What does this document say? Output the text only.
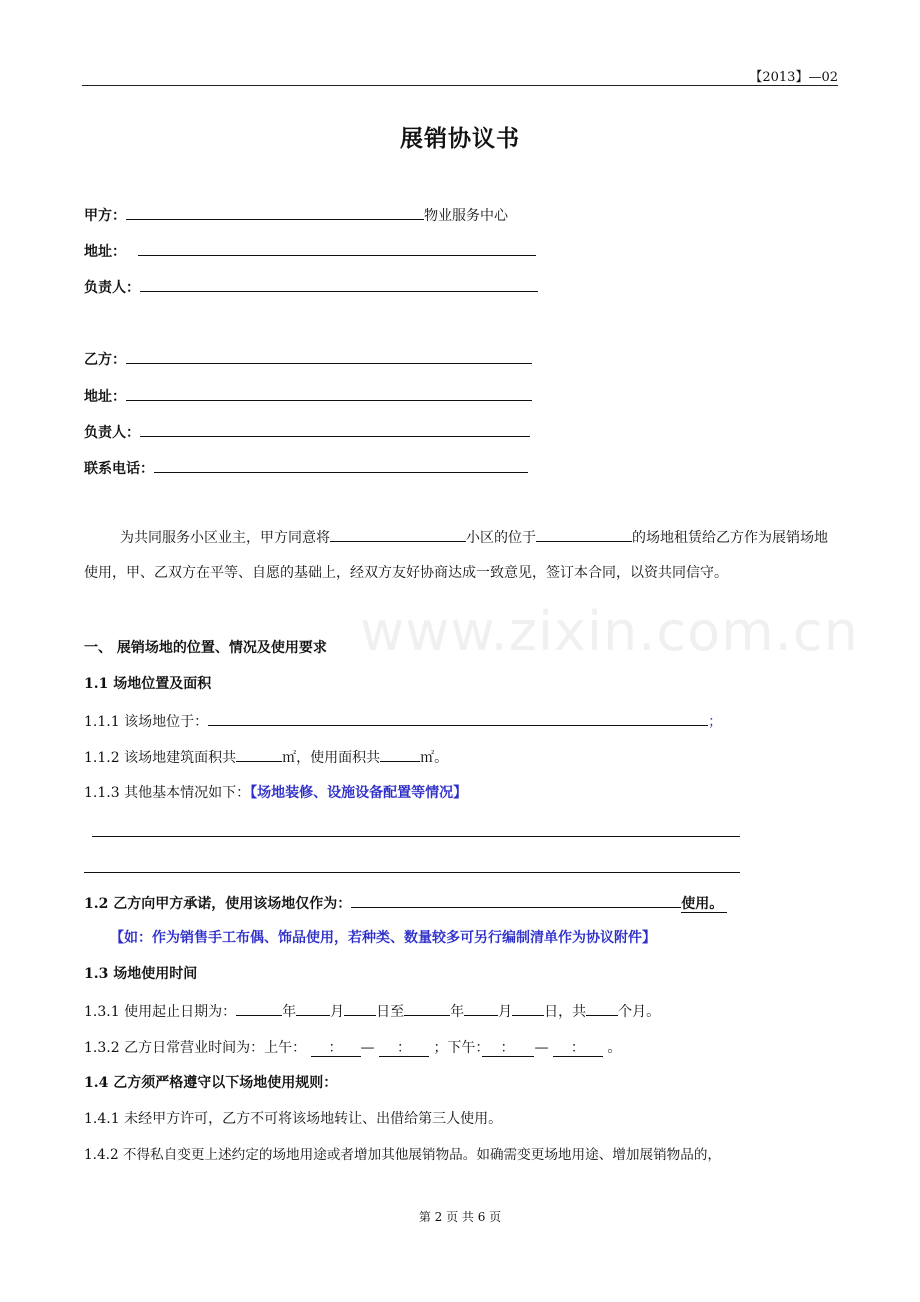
【2013】—02
展销协议书
甲方：	物业服务中心
地址：
负责人：
乙方：
地址：
负责人：
联系电话：
为共同服务小区业主，甲方同意将	小区的位于	的场地租赁给乙方作为展销场地使用，甲、乙双方在平等、自愿的基础上，经双方友好协商达成一致意见，签订本合同，以资共同信守。
一、 展销场地的位置、情况及使用要求
1.1 场地位置及面积
1.1.1 该场地位于：	；
1.1.2 该场地建筑面积共	㎡，使用面积共	㎡。
1.1.3 其他基本情况如下：【场地装修、设施设备配置等情况】
1.2 乙方向甲方承诺，使用该场地仅作为：	使用。
【如：作为销售手工布偶、饰品使用，若种类、数量较多可另行编制清单作为协议附件】
1.3 场地使用时间
1.3.1 使用起止日期为：	年 月 日至	年 月 日，共 个月。
1.3.2 乙方日常营业时间为：上午： ： — ： ；下午： ： — ： 。
1.4 乙方须严格遵守以下场地使用规则：
1.4.1 未经甲方许可，乙方不可将该场地转让、出借给第三人使用。
1.4.2 不得私自变更上述约定的场地用途或者增加其他展销物品。如确需变更场地用途、增加展销物品的，
www.zixin.com.cn
第 2 页 共 6 页
